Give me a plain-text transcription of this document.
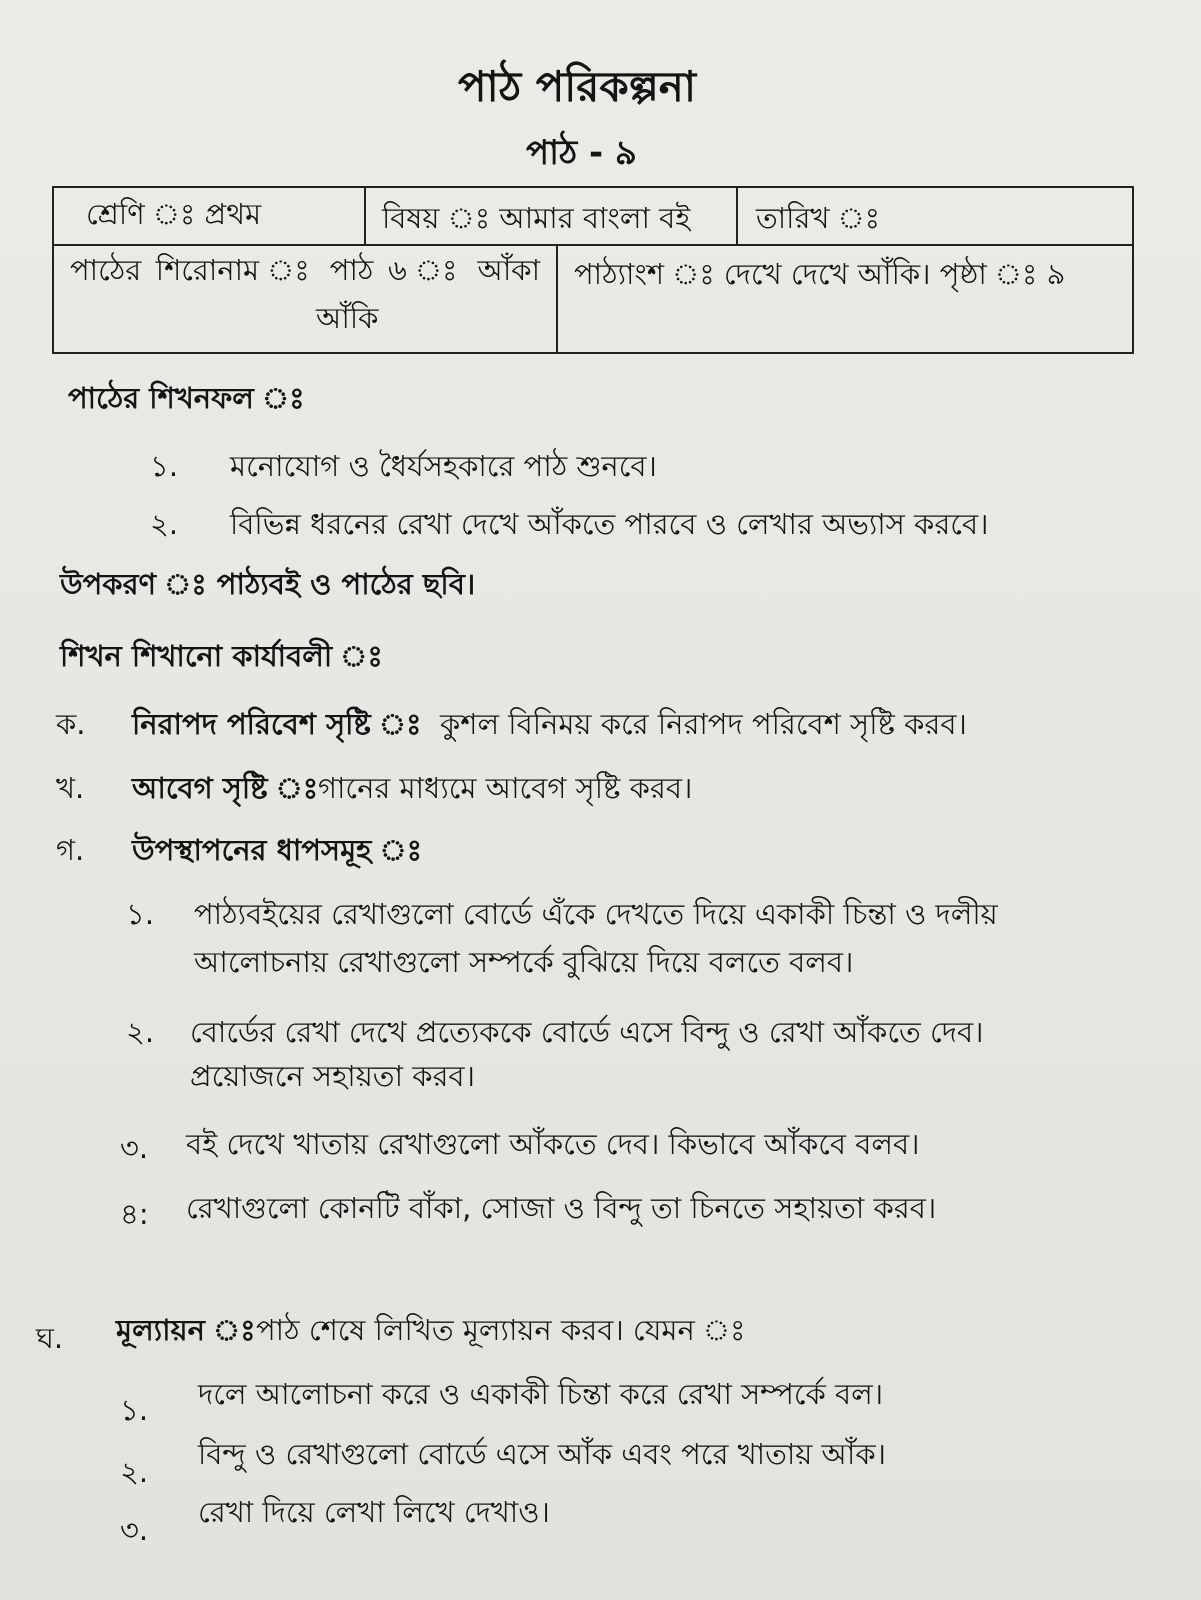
পাঠ পরিকল্পনা
পাঠ - ৯
শ্রেণি ঃ প্রথম	বিষয় ঃ আমার বাংলা বই তারিখ ঃ
পাঠের শিরোনাম ঃ পাঠ ৬ ঃ আঁকা
আঁকি
পাঠ্যাংশ ঃ দেখে দেখে আঁকি। পৃষ্ঠা ঃ ৯
পাঠের শিখনফল ঃ
১. মনোযোগ ও ধৈর্যসহকারে পাঠ শুনবে।
২. বিভিন্ন ধরনের রেখা দেখে আঁকতে পারবে ও লেখার অভ্যাস করবে।
উপকরণ ঃ পাঠ্যবই ও পাঠের ছবি।
শিখন শিখানো কার্যাবলী ঃ
ক. নিরাপদ পরিবেশ সৃষ্টি ঃ কুশল বিনিময় করে নিরাপদ পরিবেশ সৃষ্টি করব।
খ. আবেগ সৃষ্টি ঃ গানের মাধ্যমে আবেগ সৃষ্টি করব।
গ. উপস্থাপনের ধাপসমূহ ঃ
১. পাঠ্যবইয়ের রেখাগুলো বোর্ডে এঁকে দেখতে দিয়ে একাকী চিন্তা ও দলীয়
আলোচনায় রেখাগুলো সম্পর্কে বুঝিয়ে দিয়ে বলতে বলব।
২. বোর্ডের রেখা দেখে প্রত্যেককে বোর্ডে এসে বিন্দু ও রেখা আঁকতে দেব।
প্রয়োজনে সহায়তা করব।
৩. বই দেখে খাতায় রেখাগুলো আঁকতে দেব। কিভাবে আঁকবে বলব।
৪: রেখাগুলো কোনটি বাঁকা, সোজা ও বিন্দু তা চিনতে সহায়তা করব।
ঘ. মূল্যায়ন ঃ পাঠ শেষে লিখিত মূল্যায়ন করব। যেমন ঃ
১. দলে আলোচনা করে ও একাকী চিন্তা করে রেখা সম্পর্কে বল।
২.
বিন্দু ও রেখাগুলো বোর্ডে এসে আঁক এবং পরে খাতায় আঁক।
৩.
রেখা দিয়ে লেখা লিখে দেখাও।
